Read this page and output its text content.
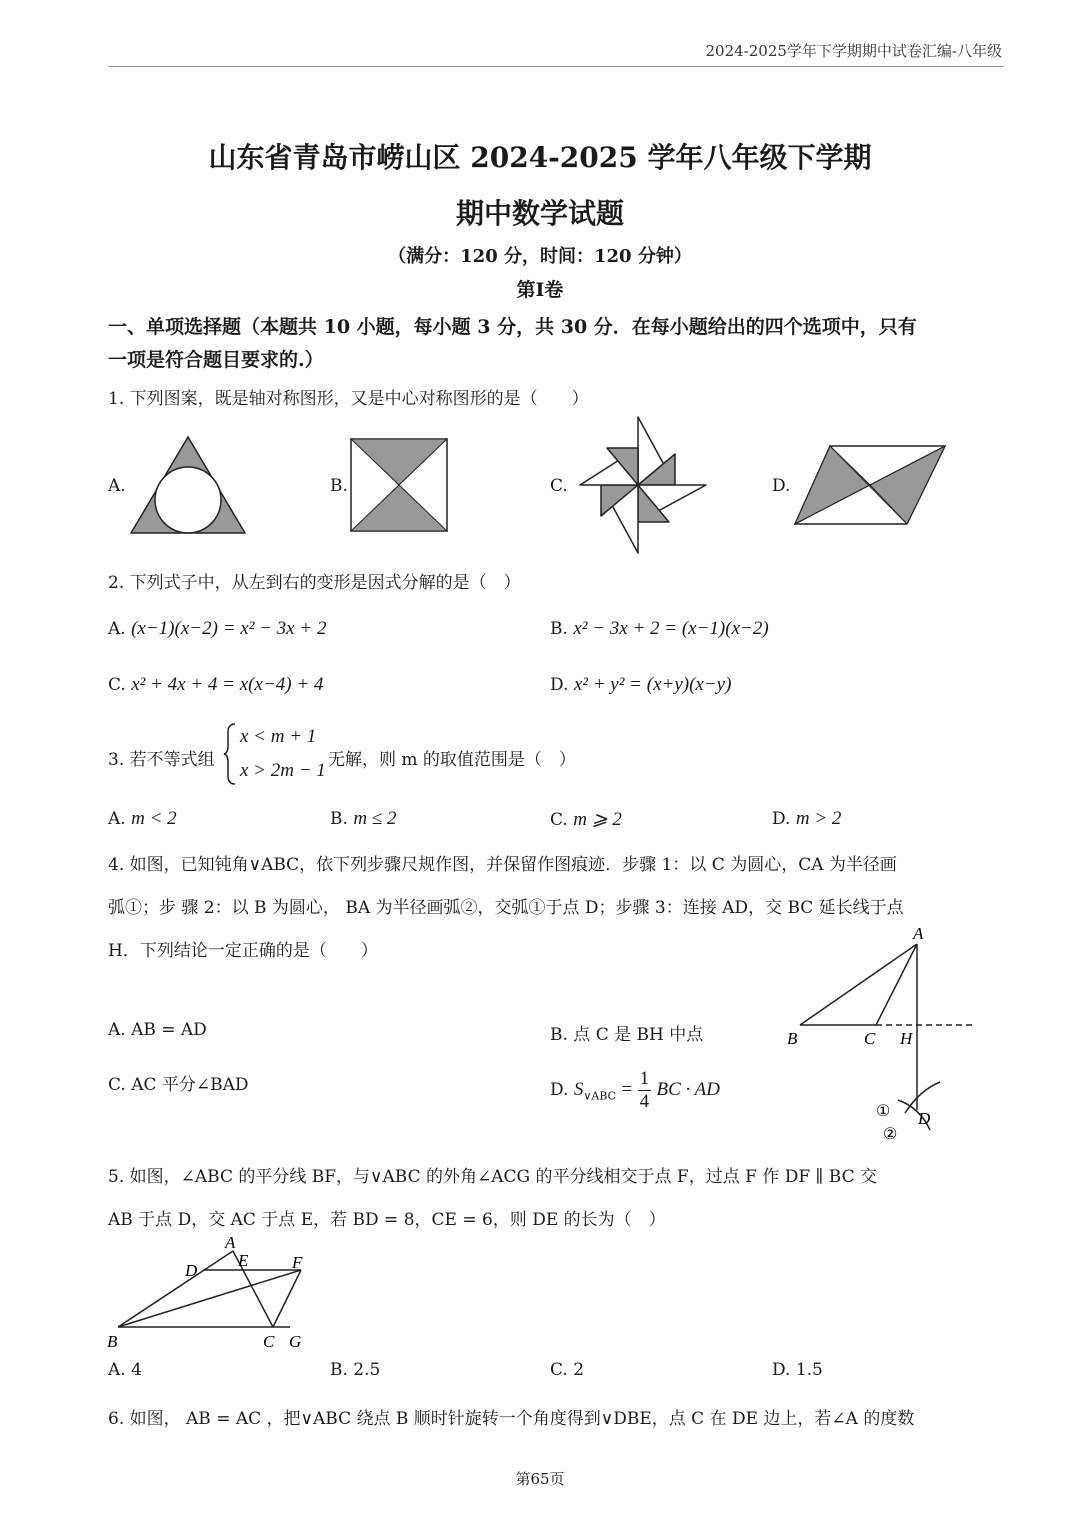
2024-2025学年下学期期中试卷汇编-八年级
山东省青岛市崂山区 2024-2025 学年八年级下学期
期中数学试题
（满分：120 分，时间：120 分钟）
第Ⅰ卷
一、单项选择题（本题共 10 小题，每小题 3 分，共 30 分．在每小题给出的四个选项中，只有
一项是符合题目要求的.）
1. 下列图案，既是轴对称图形，又是中心对称图形的是（　　）
A.	B.	C.	D.
2. 下列式子中，从左到右的变形是因式分解的是（　）
A. (x−1)(x−2) = x² − 3x + 2	B. x² − 3x + 2 = (x−1)(x−2)
C. x² + 4x + 4 = x(x−4) + 4	D. x² + y² = (x+y)(x−y)
3. 若不等式组
x < m + 1
x > 2m − 1 无解，则 m 的取值范围是（　）
A. m < 2	B. m ≤ 2	C. m ⩾ 2	D. m > 2
4. 如图，已知钝角∨ABC，依下列步骤尺规作图，并保留作图痕迹．步骤 1：以 C 为圆心，CA 为半径画
弧①；步 骤 2：以 B 为圆心， BA 为半径画弧②，交弧①于点 D；步骤 3：连接 AD，交 BC 延长线于点
H．下列结论一定正确的是（　　）
A. AB = AD	B. 点 C 是 BH 中点
C. AC 平分∠BAD	D. $S_{\vee ABC} = \frac{1}{4}$ BC · AD
A
B	C H
D
①
②
5. 如图，∠ABC 的平分线 BF，与∨ABC 的外角∠ACG 的平分线相交于点 F，过点 F 作 DF ∥ BC 交
AB 于点 D，交 AC 于点 E，若 BD = 8，CE = 6，则 DE 的长为（　）
A
B	C
D
E	F
G
A. 4	B. 2.5	C. 2	D. 1.5
6. 如图， AB = AC ，把∨ABC 绕点 B 顺时针旋转一个角度得到∨DBE，点 C 在 DE 边上，若∠A 的度数
第65页
